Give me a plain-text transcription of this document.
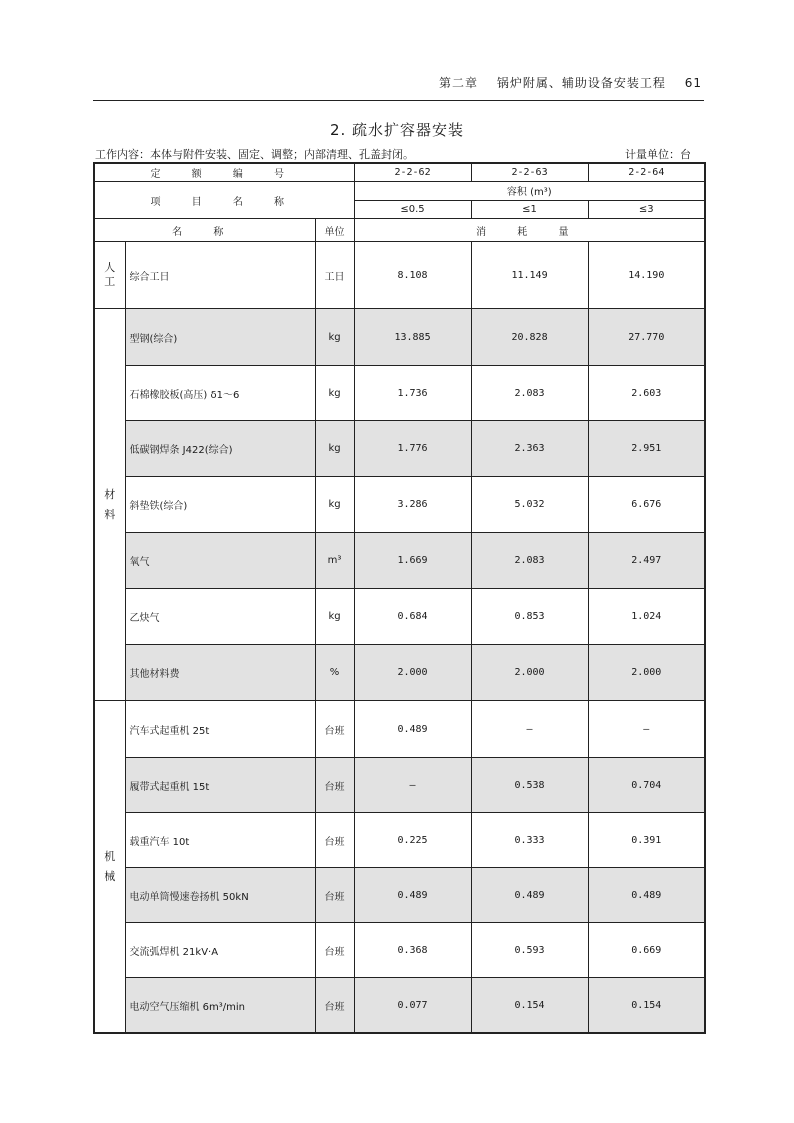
第二章 锅炉附属、辅助设备安装工程 61
2. 疏水扩容器安装
工作内容：本体与附件安装、固定、调整；内部清理、孔盖封闭。	计量单位：台
定 额 编 号			2-2-62	2-2-63	2-2-64
项 目 名 称			容积 (m³)		
			≤0.5	≤1	≤3
名 称		单位	消 耗 量		

人
工	综合工日	工日	8.108	11.149	14.190

材
料	型钢(综合)	kg	13.885	20.828	27.770
	石棉橡胶板(高压) δ1～6	kg	1.736	2.083	2.603
	低碳钢焊条 J422(综合)	kg	1.776	2.363	2.951
	斜垫铁(综合)	kg	3.286	5.032	6.676
	氧气	m³	1.669	2.083	2.497
	乙炔气	kg	0.684	0.853	1.024
	其他材料费	%	2.000	2.000	2.000

机
械	汽车式起重机 25t	台班	0.489	—	—
	履带式起重机 15t	台班	—	0.538	0.704
	载重汽车 10t	台班	0.225	0.333	0.391
	电动单筒慢速卷扬机 50kN	台班	0.489	0.489	0.489
	交流弧焊机 21kV·A	台班	0.368	0.593	0.669
	电动空气压缩机 6m³/min	台班	0.077	0.154	0.154
